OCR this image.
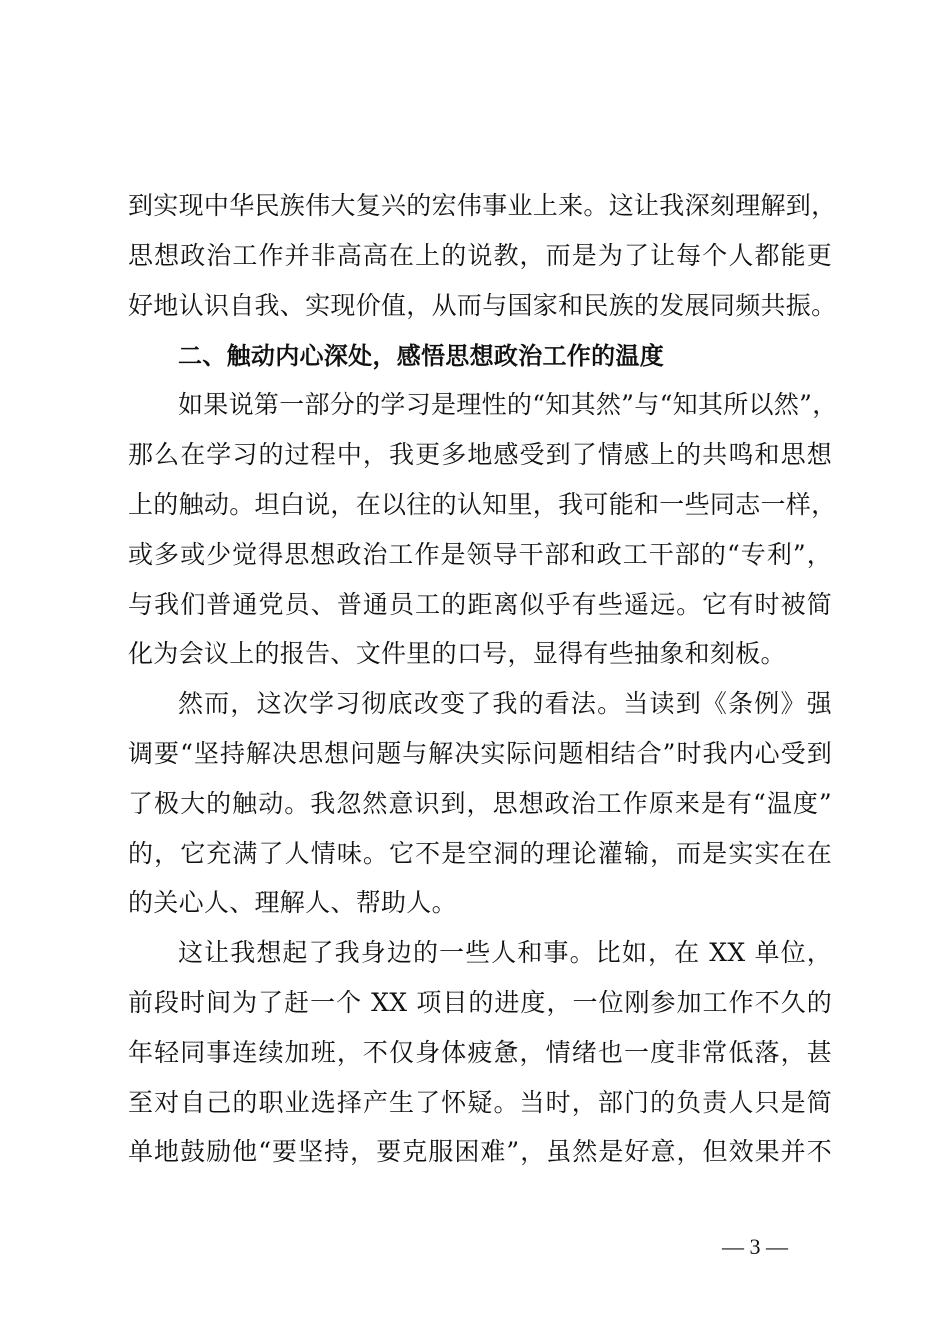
到实现中华民族伟大复兴的宏伟事业上来。这让我深刻理解到，
思想政治工作并非高高在上的说教，而是为了让每个人都能更
好地认识自我、实现价值，从而与国家和民族的发展同频共振。
二、触动内心深处，感悟思想政治工作的温度
如果说第一部分的学习是理性的“知其然”与“知其所以然”，
那么在学习的过程中，我更多地感受到了情感上的共鸣和思想
上的触动。坦白说，在以往的认知里，我可能和一些同志一样，
或多或少觉得思想政治工作是领导干部和政工干部的“专利”，
与我们普通党员、普通员工的距离似乎有些遥远。它有时被简
化为会议上的报告、文件里的口号，显得有些抽象和刻板。
然而，这次学习彻底改变了我的看法。当读到《条例》强
调要“坚持解决思想问题与解决实际问题相结合”时我内心受到
了极大的触动。我忽然意识到，思想政治工作原来是有“温度”
的，它充满了人情味。它不是空洞的理论灌输，而是实实在在
的关心人、理解人、帮助人。
这让我想起了我身边的一些人和事。比如，在 XX 单位，
前段时间为了赶一个 XX 项目的进度，一位刚参加工作不久的
年轻同事连续加班，不仅身体疲惫，情绪也一度非常低落，甚
至对自己的职业选择产生了怀疑。当时，部门的负责人只是简
单地鼓励他“要坚持，要克服困难”，虽然是好意，但效果并不
— 3 —
